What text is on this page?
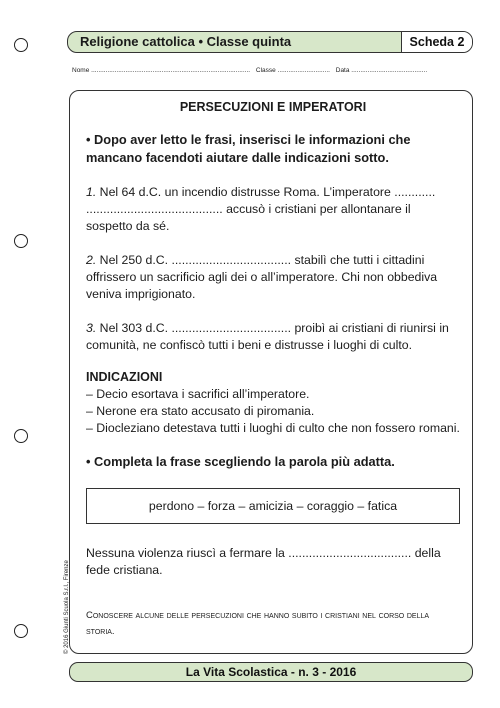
Religione cattolica • Classe quinta	Scheda 2
Nome ........................................................................................ Classe ............................. Data ..........................................
PERSECUZIONI E IMPERATORI
• Dopo aver letto le frasi, inserisci le informazioni che mancano facendoti aiutare dalle indicazioni sotto.
1. Nel 64 d.C. un incendio distrusse Roma. L’imperatore ............ ........................................ accusò i cristiani per allontanare il sospetto da sé.
2. Nel 250 d.C. ................................... stabilì che tutti i cittadini offrissero un sacrificio agli dei o all’imperatore. Chi non obbediva veniva imprigionato.
3. Nel 303 d.C. ................................... proibì ai cristiani di riunirsi in comunità, ne confiscò tutti i beni e distrusse i luoghi di culto.
INDICAZIONI
– Decio esortava i sacrifici all’imperatore.
– Nerone era stato accusato di piromania.
– Diocleziano detestava tutti i luoghi di culto che non fossero romani.
• Completa la frase scegliendo la parola più adatta.
perdono – forza – amicizia – coraggio – fatica
Nessuna violenza riuscì a fermare la .................................... della fede cristiana.
Conoscere alcune delle persecuzioni che hanno subito i cristiani nel corso della storia.
La Vita Scolastica - n. 3 - 2016
© 2016 Giunti Scuola S.r.l., Firenze
